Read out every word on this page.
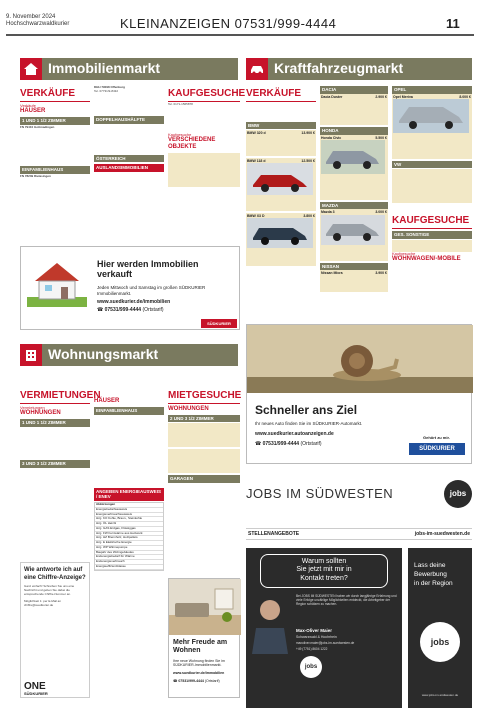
9. November 2024
Hochschwarzwaldkurier	KLEINANZEIGEN 07531/999-4444	11
Immobilienmarkt
VERKÄUFE
Verkäufe
HÄUSER
1 UND 1 1/2 ZIMMER
FN 79410 Gottmadingen
EINFAMILIENHAUS
FN 78239 Rielasingen
DHH 79098 Offenburg
Tel. 07731/9-8432
DOPPELHAUSHÄLFTE
ÖSTERREICH
AUSLANDSIMMOBILIEN
KAUFGESUCHE
Tel. 0171-1565878
Kaufgesuche
VERSCHIEDENE OBJEKTE
Hier werden Immobilien verkauft
Jeden Mittwoch und Samstag im großen SÜDKURIER Immobilienmarkt.
www.suedkurier.de/immobilien
☎ 07531/999-4444 (Ortstarif)
SÜDKURIER
Wohnungsmarkt
VERMIETUNGEN
Vermietungen
WOHNUNGEN
1 UND 1 1/2 ZIMMER
3 UND 3 1/2 ZIMMER
Wie antworte ich auf eine Chiffre-Anzeige?
Ganz einfach! Schreiben Sie uns eine Nachricht und geben Sie dabei die entsprechende Chiffre-Nummer an.
Möglichkeit 1: per E-Mail an chiffre@suedkurier.de
ONE
SÜDKURIER
HÄUSER
EINFAMILIENHAUS
ANGEBEN ENERGIEAUSWEIS / ENEV
Abkürzungen
Energiebedarfsausweis
Energieverbrauchsausweis
Hzg. KO Kohle, Braun., Steinkohle
Hzg. ÖL Heizöl
Hzg. GAS Erdgas, Flüssiggas
Hzg. FW Fernwärme aus Heizwerk
Hzg. HZ Brennholz, Holzpellets
Hzg. E Elektrische Energie
Hzg. WP Wärmepumpe
Baujahr des Wohngebäudes
Endenergiebedarf für Wärme
Endenergieverbrauch
Energieeffizienzklasse
MIETGESUCHE
WOHNUNGEN
2 UND 3 1/2 ZIMMER
GARAGEN
Mehr Freude am Wohnen
Ihre neue Wohnung finden Sie im SÜDKURIER-Immobilienmarkt.
www.suedkurier.de/immobilien
☎ 07531/999-4444 (Ortstarif)
Kraftfahrzeugmarkt
VERKÄUFE
BMW
BMW 320 d	13.900 €
BMW 118 d	12.500 €
BMW X3 D	3.800 €
DACIA
Dacia Duster	2.900 €
HONDA
Honda Civic	5.500 €
MAZDA
Mazda 3	3.000 €
NISSAN
Nissan Micra	3.900 €
OPEL
Opel Meriva	8.000 €
VW
KAUFGESUCHE
GES. SONSTIGE
Kaufgesuche
WOHNWAGEN/-MOBILE
Schneller ans Ziel
Ihr neues Auto finden Sie im SÜDKURIER-Automarkt.
www.suedkurier.autoanzeigen.de
☎ 07531/999-4444 (Ortstarif)
Gehört zu mir.
SÜDKURIER
JOBS IM SÜDWESTEN	jobs
STELLENANGEBOTE	jobs-im-suedwesten.de
Warum sollten
Sie jetzt mit mir in
Kontakt treten?
Bei JOBS IM SÜDWESTEN haben wir durch langjährige Erfahrung und viele Erfolge unzählige Möglichkeiten entdeckt, die Arbeitgeber der Region schätzen zu machen.
Max-Oliver Maier
Schwarzwald & Hochrhein
maxoliver.maier@jobs-im-suedwesten.de
+49 (7751) 8604 1222
jobs
Lass deine
Bewerbung
in der Region
jobs
www.jobs-im-südwesten.de
